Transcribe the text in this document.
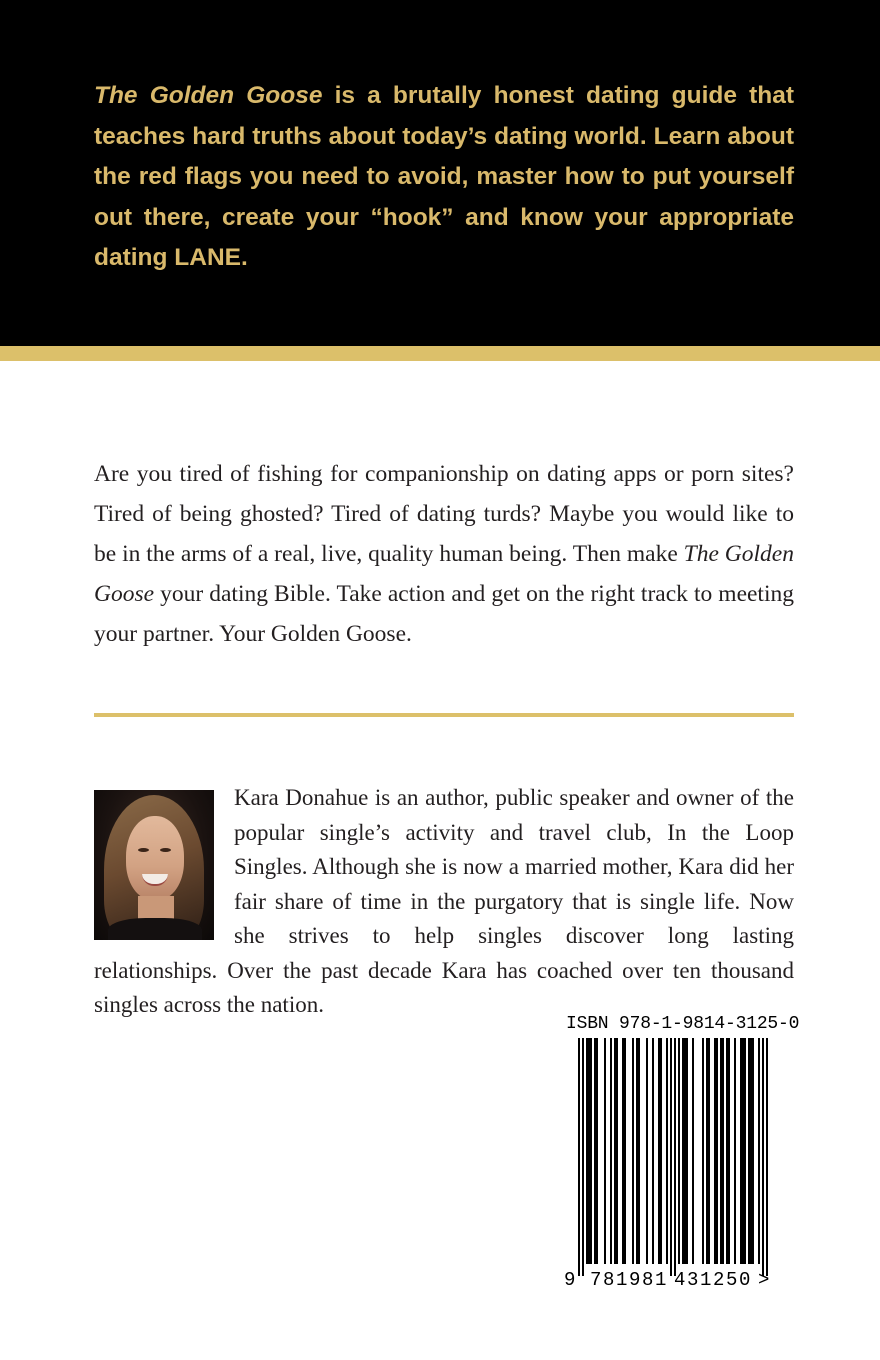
The Golden Goose is a brutally honest dating guide that teaches hard truths about today’s dating world. Learn about the red flags you need to avoid, master how to put yourself out there, create your “hook” and know your appropriate dating LANE.

Are you tired of fishing for companionship on dating apps or porn sites? Tired of being ghosted? Tired of dating turds? Maybe you would like to be in the arms of a real, live, quality human being. Then make The Golden Goose your dating Bible. Take action and get on the right track to meeting your partner. Your Golden Goose.

Kara Donahue is an author, public speaker and owner of the popular single’s activity and travel club, In the Loop Singles. Although she is now a married mother, Kara did her fair share of time in the purgatory that is single life. Now she strives to help singles discover long lasting relationships. Over the past decade Kara has coached over ten thousand singles across the nation.

ISBN 978-1-9814-3125-0
9 781981 431250 >
